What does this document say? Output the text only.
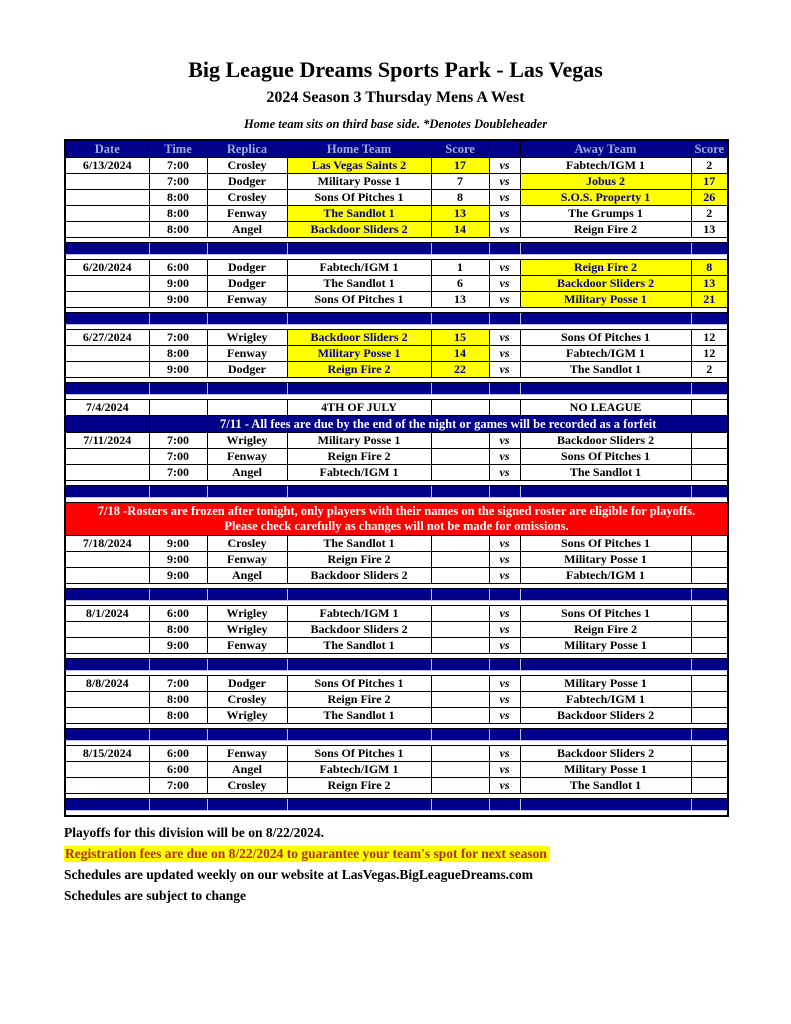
Big League Dreams Sports Park - Las Vegas
2024 Season 3 Thursday Mens A West
Home team sits on third base side. *Denotes Doubleheader
Date	Time	Replica	Home Team	Score		Away Team	Score
6/13/2024	7:00	Crosley	Las Vegas Saints 2	17	vs	Fabtech/IGM 1	2
	7:00	Dodger	Military Posse 1	7	vs	Jobus 2	17
	8:00	Crosley	Sons Of Pitches 1	8	vs	S.O.S. Property 1	26
	8:00	Fenway	The Sandlot 1	13	vs	The Grumps 1	2
	8:00	Angel	Backdoor Sliders 2	14	vs	Reign Fire 2	13

6/20/2024	6:00	Dodger	Fabtech/IGM 1	1	vs	Reign Fire 2	8
	9:00	Dodger	The Sandlot 1	6	vs	Backdoor Sliders 2	13
	9:00	Fenway	Sons Of Pitches 1	13	vs	Military Posse 1	21

6/27/2024	7:00	Wrigley	Backdoor Sliders 2	15	vs	Sons Of Pitches 1	12
	8:00	Fenway	Military Posse 1	14	vs	Fabtech/IGM 1	12
	9:00	Dodger	Reign Fire 2	22	vs	The Sandlot 1	2

7/4/2024			4TH OF JULY			NO LEAGUE	
	7/11 - All fees are due by the end of the night or games will be recorded as a forfeit						
7/11/2024	7:00	Wrigley	Military Posse 1		vs	Backdoor Sliders 2	
	7:00	Fenway	Reign Fire 2		vs	Sons Of Pitches 1	
	7:00	Angel	Fabtech/IGM 1		vs	The Sandlot 1	

7/18 -Rosters are frozen after tonight, only players with their names on the signed roster are eligible for playoffs.
Please check carefully as changes will not be made for omissions.							

7/18/2024	9:00	Crosley	The Sandlot 1		vs	Sons Of Pitches 1	
	9:00	Fenway	Reign Fire 2		vs	Military Posse 1	
	9:00	Angel	Backdoor Sliders 2		vs	Fabtech/IGM 1	

8/1/2024	6:00	Wrigley	Fabtech/IGM 1		vs	Sons Of Pitches 1	
	8:00	Wrigley	Backdoor Sliders 2		vs	Reign Fire 2	
	9:00	Fenway	The Sandlot 1		vs	Military Posse 1	

8/8/2024	7:00	Dodger	Sons Of Pitches 1		vs	Military Posse 1	
	8:00	Crosley	Reign Fire 2		vs	Fabtech/IGM 1	
	8:00	Wrigley	The Sandlot 1		vs	Backdoor Sliders 2	

8/15/2024	6:00	Fenway	Sons Of Pitches 1		vs	Backdoor Sliders 2	
	6:00	Angel	Fabtech/IGM 1		vs	Military Posse 1	
	7:00	Crosley	Reign Fire 2		vs	The Sandlot 1	

Playoffs for this division will be on 8/22/2024.
Registration fees are due on 8/22/2024 to guarantee your team's spot for next season
Schedules are updated weekly on our website at LasVegas.BigLeagueDreams.com
Schedules are subject to change
